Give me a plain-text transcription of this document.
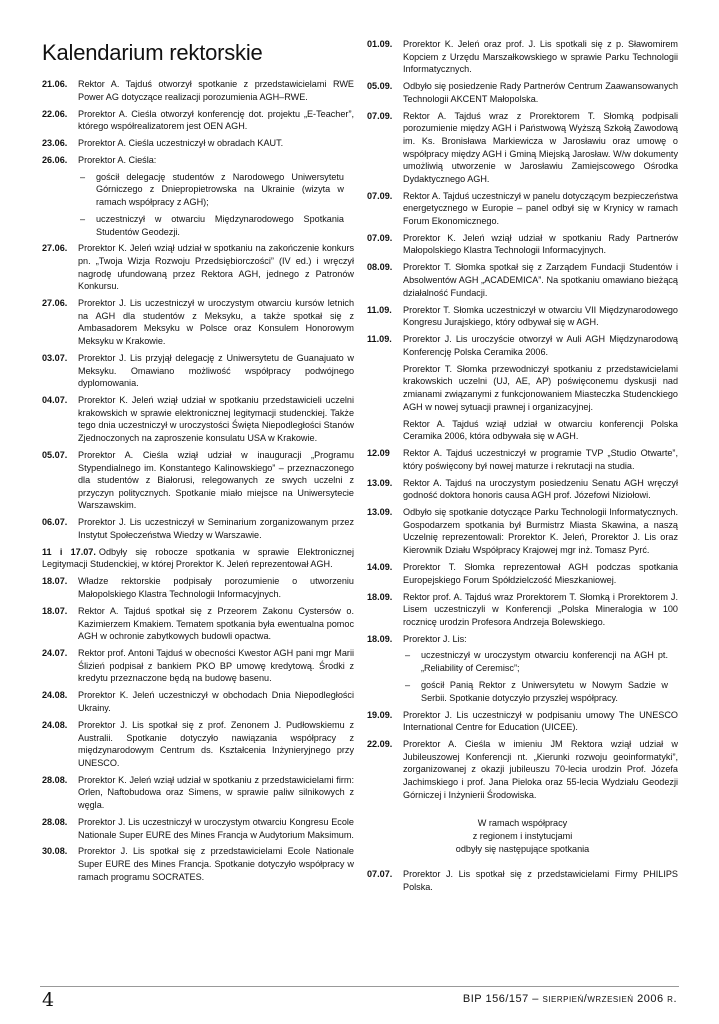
Kalendarium rektorskie
21.06.	Rektor A. Tajduś otworzył spotkanie z przedstawicielami RWE Power AG dotyczące realizacji porozumienia AGH–RWE.
22.06.	Prorektor A. Cieśla otworzył konferencję dot. projektu „E-Teacher”, którego współrealizatorem jest OEN AGH.
23.06.	Prorektor A. Cieśla uczestniczył w obradach KAUT.
26.06.	Prorektor A. Cieśla:
–	gościł delegację studentów z Narodowego Uniwersytetu Górniczego z Dniepropietrowska na Ukrainie (wizyta w ramach współpracy z AGH);
–	uczestniczył w otwarciu Międzynarodowego Spotkania Studentów Geodezji.
27.06.	Prorektor K. Jeleń wziął udział w spotkaniu na zakończenie konkurs pn. „Twoja Wizja Rozwoju Przedsiębiorczości” (IV ed.) i wręczył nagrodę ufundowaną przez Rektora AGH, jednego z Patronów Konkursu.
27.06.	Prorektor J. Lis uczestniczył w uroczystym otwarciu kursów letnich na AGH dla studentów z Meksyku, a także spotkał się z Ambasadorem Meksyku w Polsce oraz Konsulem Honorowym Meksyku w Krakowie.
03.07.	Prorektor J. Lis przyjął delegację z Uniwersytetu de Guanajuato w Meksyku. Omawiano możliwość współpracy podwójnego dyplomowania.
04.07.	Prorektor K. Jeleń wziął udział w spotkaniu przedstawicieli uczelni krakowskich w sprawie elektronicznej legitymacji studenckiej. Także tego dnia uczestniczył w uroczystości Święta Niepodległości Stanów Zjednoczonych na zaproszenie konsulatu USA w Krakowie.
05.07.	Prorektor A. Cieśla wziął udział w inauguracji „Programu Stypendialnego im. Konstantego Kalinowskiego” – przeznaczonego dla studentów z Białorusi, relegowanych ze swych uczelni z przyczyn politycznych. Spotkanie miało miejsce na Uniwersytecie Warszawskim.
06.07.	Prorektor J. Lis uczestniczył w Seminarium zorganizowanym przez Instytut Społeczeństwa Wiedzy w Warszawie.
11 i 17.07. Odbyły się robocze spotkania w sprawie Elektronicznej Legitymacji Studenckiej, w której Prorektor K. Jeleń reprezentował AGH.
18.07.	Władze rektorskie podpisały porozumienie o utworzeniu Małopolskiego Klastra Technologii Informacyjnych.
18.07.	Rektor A. Tajduś spotkał się z Przeorem Zakonu Cystersów o. Kazimierzem Kmakiem. Tematem spotkania była ewentualna pomoc AGH w ochronie zabytkowych budowli opactwa.
24.07.	Rektor prof. Antoni Tajduś w obecności Kwestor AGH pani mgr Marii Ślizień podpisał z bankiem PKO BP umowę kredytową. Środki z kredytu przeznaczone będą na budowę basenu.
24.08.	Prorektor K. Jeleń uczestniczył w obchodach Dnia Niepodległości Ukrainy.
24.08.	Prorektor J. Lis spotkał się z prof. Zenonem J. Pudłowskiemu z Australii. Spotkanie dotyczyło nawiązania współpracy z międzynarodowym Centrum ds. Kształcenia Inżynieryjnego przy UNESCO.
28.08.	Prorektor K. Jeleń wziął udział w spotkaniu z przedstawicielami firm: Orlen, Naftobudowa oraz Simens, w sprawie paliw silnikowych z węgla.
28.08.	Prorektor J. Lis uczestniczył w uroczystym otwarciu Kongresu Ecole Nationale Super EURE des Mines Francja w Audytorium Maksimum.
30.08.	Prorektor J. Lis spotkał się z przedstawicielami Ecole Nationale Super EURE des Mines Francja. Spotkanie dotyczyło współpracy w ramach programu SOCRATES.
01.09.	Prorektor K. Jeleń oraz prof. J. Lis spotkali się z p. Sławomirem Kopciem z Urzędu Marszałkowskiego w sprawie Parku Technologii Informatycznych.
05.09.	Odbyło się posiedzenie Rady Partnerów Centrum Zaawansowanych Technologii AKCENT Małopolska.
07.09.	Rektor A. Tajduś wraz z Prorektorem T. Słomką podpisali porozumienie między AGH i Państwową Wyższą Szkołą Zawodową im. Ks. Bronisława Markiewicza w Jarosławiu oraz umowę o współpracy między AGH i Gminą Miejską Jarosław. W/w dokumenty umożliwią utworzenie w Jarosławiu Zamiejscowego Ośrodka Dydaktycznego AGH.
07.09.	Rektor A. Tajduś uczestniczył w panelu dotyczącym bezpieczeństwa energetycznego w Europie – panel odbył się w Krynicy w ramach Forum Ekonomicznego.
07.09.	Prorektor K. Jeleń wziął udział w spotkaniu Rady Partnerów Małopolskiego Klastra Technologii Informacyjnych.
08.09.	Prorektor T. Słomka spotkał się z Zarządem Fundacji Studentów i Absolwentów AGH „ACADEMICA”. Na spotkaniu omawiano bieżącą działalność Fundacji.
11.09.	Prorektor T. Słomka uczestniczył w otwarciu VII Międzynarodowego Kongresu Jurajskiego, który odbywał się w AGH.
11.09.	Prorektor J. Lis uroczyście otworzył w Auli AGH Międzynarodową Konferencję Polska Ceramika 2006.
Prorektor T. Słomka przewodniczył spotkaniu z przedstawicielami krakowskich uczelni (UJ, AE, AP) poświęconemu dyskusji nad zmianami związanymi z funkcjonowaniem Miasteczka Studenckiego AGH w nowej sytuacji prawnej i organizacyjnej.
Rektor A. Tajduś wziął udział w otwarciu konferencji Polska Ceramika 2006, która odbywała się w AGH.
12.09	Rektor A. Tajduś uczestniczył w programie TVP „Studio Otwarte”, który poświęcony był nowej maturze i rekrutacji na studia.
13.09.	Rektor A. Tajduś na uroczystym posiedzeniu Senatu AGH wręczył godność doktora honoris causa AGH prof. Józefowi Niziołowi.
13.09.	Odbyło się spotkanie dotyczące Parku Technologii Informatycznych. Gospodarzem spotkania był Burmistrz Miasta Skawina, a naszą Uczelnię reprezentowali: Prorektor K. Jeleń, Prorektor J. Lis oraz Kierownik Działu Współpracy Krajowej mgr inż. Tomasz Pyrć.
14.09.	Prorektor T. Słomka reprezentował AGH podczas spotkania Europejskiego Forum Spółdzielczość Mieszkaniowej.
18.09.	Rektor prof. A. Tajduś wraz Prorektorem T. Słomką i Prorektorem J. Lisem uczestniczyli w Konferencji „Polska Mineralogia w 100 rocznicę urodzin Profesora Andrzeja Bolewskiego.
18.09.	Prorektor J. Lis:
–	uczestniczył w uroczystym otwarciu konferencji na AGH pt. „Reliability of Ceremisc”;
–	gościł Panią Rektor z Uniwersytetu w Nowym Sadzie w Serbii. Spotkanie dotyczyło przyszłej współpracy.
19.09.	Prorektor J. Lis uczestniczył w podpisaniu umowy The UNESCO International Centre for Education (UICEE).
22.09.	Prorektor A. Cieśla w imieniu JM Rektora wziął udział w Jubileuszowej Konferencji nt. „Kierunki rozwoju geoinformatyki”, zorganizowanej z okazji jubileuszu 70-lecia urodzin Prof. Józefa Jachimskiego i prof. Jana Pieloka oraz 55-lecia Wydziału Geodezji Górniczej i Inżynierii Środowiska.
W ramach współpracy
z regionem i instytucjami
odbyły się następujące spotkania
07.07.	Prorektor J. Lis spotkał się z przedstawicielami Firmy PHILIPS Polska.
4	BIP 156/157 – sierpień/wrzesień 2006 r.
